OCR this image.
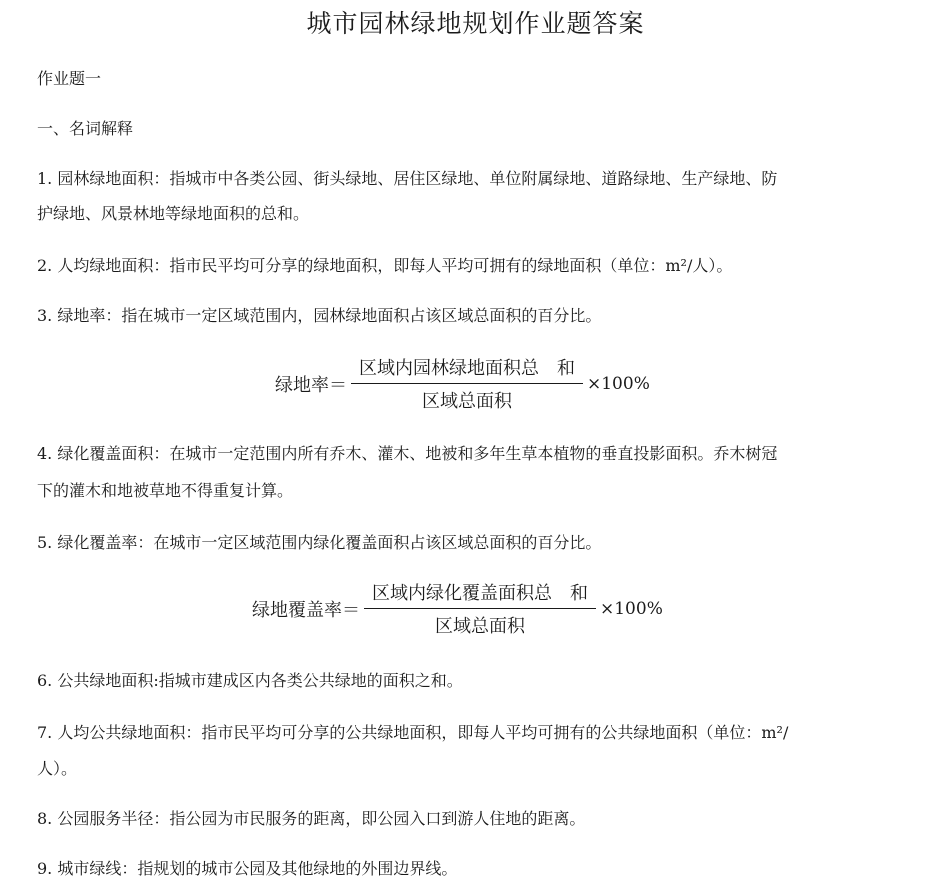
城市园林绿地规划作业题答案
作业题一
一、名词解释
1. 园林绿地面积：指城市中各类公园、街头绿地、居住区绿地、单位附属绿地、道路绿地、生产绿地、防
护绿地、风景林地等绿地面积的总和。
2. 人均绿地面积：指市民平均可分享的绿地面积，即每人平均可拥有的绿地面积（单位：m²/人）。
3. 绿地率：指在城市一定区域范围内，园林绿地面积占该区域总面积的百分比。
绿地率＝ $\frac{\text{区域内园林绿地面积总　和}}{\text{区域总面积}} \times 100\%$
4. 绿化覆盖面积：在城市一定范围内所有乔木、灌木、地被和多年生草本植物的垂直投影面积。乔木树冠
下的灌木和地被草地不得重复计算。
5. 绿化覆盖率：在城市一定区域范围内绿化覆盖面积占该区域总面积的百分比。
绿地覆盖率＝ $\frac{\text{区域内绿化覆盖面积总　和}}{\text{区域总面积}} \times 100\%$
6. 公共绿地面积:指城市建成区内各类公共绿地的面积之和。
7. 人均公共绿地面积：指市民平均可分享的公共绿地面积，即每人平均可拥有的公共绿地面积（单位：m²/
人）。
8. 公园服务半径：指公园为市民服务的距离，即公园入口到游人住地的距离。
9. 城市绿线：指规划的城市公园及其他绿地的外围边界线。
